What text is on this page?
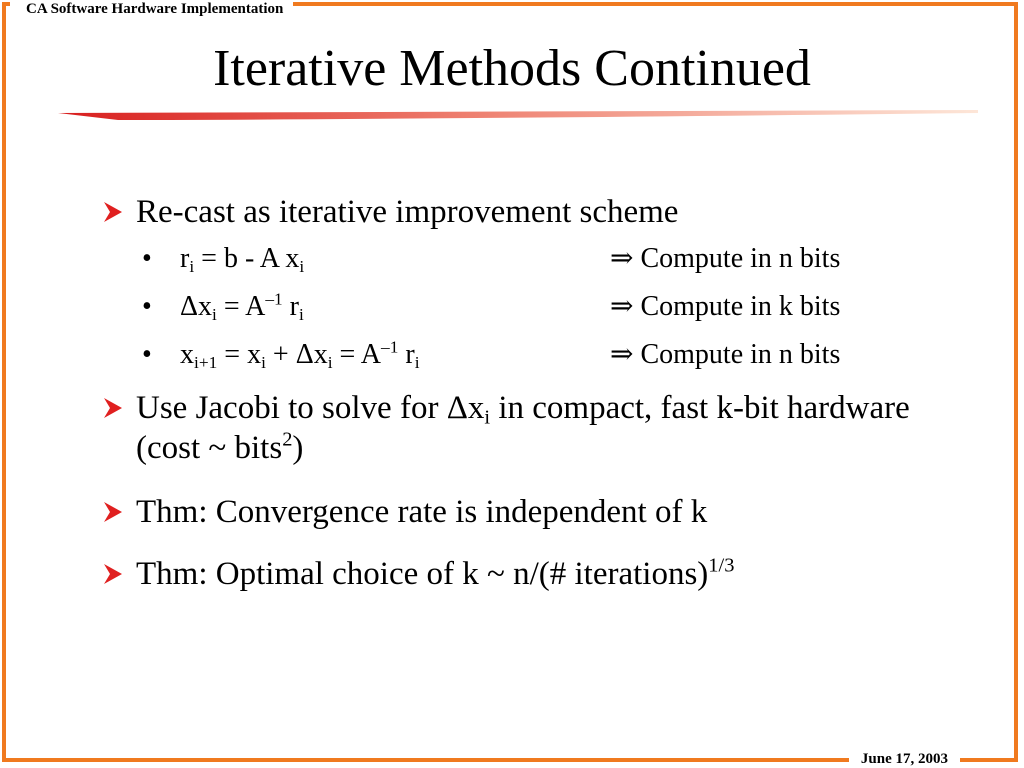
CA Software Hardware Implementation
June 17, 2003
Iterative Methods Continued
Re-cast as iterative improvement scheme
• $r_i = b - A$ $x_i$	⇒ Compute in n bits
• $\Delta x_i = A^{-1}$ $r_i$	⇒ Compute in k bits
• $x_{i+1} = x_i + \Delta x_i = A^{-1}$ $r_i$	⇒ Compute in n bits
Use Jacobi to solve for $\Delta x_i$ in compact, fast k-bit hardware (cost ~ bits$^2$)
Thm: Convergence rate is independent of k
Thm: Optimal choice of k ~ n/(# iterations)$^{1/3}$
